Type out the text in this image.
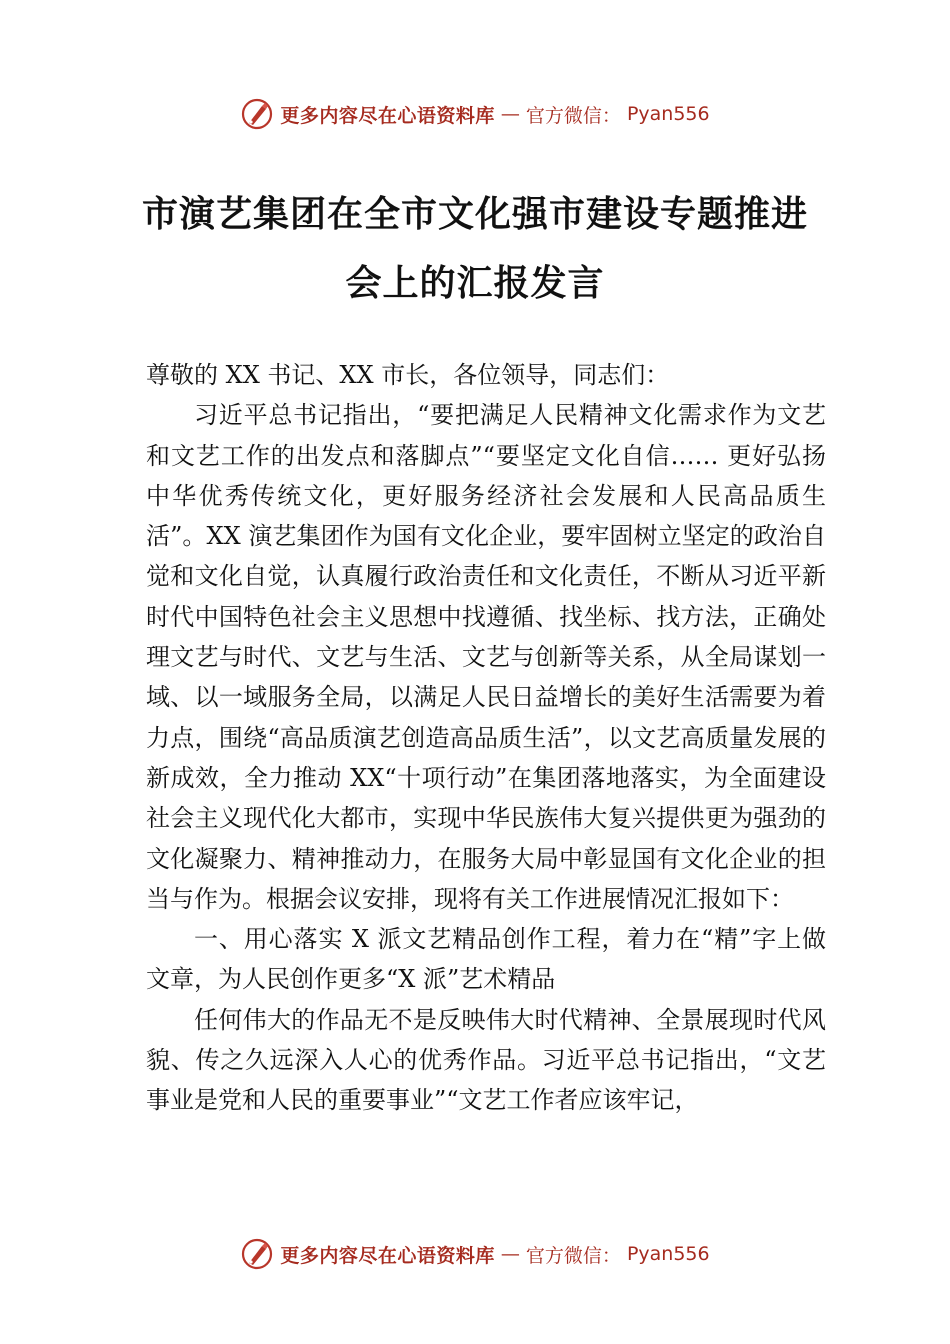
更多内容尽在心语资料库 — 官方微信： Pyan556
市演艺集团在全市文化强市建设专题推进
会上的汇报发言

尊敬的 XX 书记、XX 市长，各位领导，同志们：

习近平总书记指出，“要把满足人民精神文化需求作为文艺和文艺工作的出发点和落脚点”“要坚定文化自信…… 更好弘扬中华优秀传统文化，更好服务经济社会发展和人民高品质生活”。XX 演艺集团作为国有文化企业，要牢固树立坚定的政治自觉和文化自觉，认真履行政治责任和文化责任，不断从习近平新时代中国特色社会主义思想中找遵循、找坐标、找方法，正确处理文艺与时代、文艺与生活、文艺与创新等关系，从全局谋划一域、以一域服务全局，以满足人民日益增长的美好生活需要为着力点，围绕“高品质演艺创造高品质生活”，以文艺高质量发展的新成效，全力推动 XX“十项行动”在集团落地落实，为全面建设社会主义现代化大都市，实现中华民族伟大复兴提供更为强劲的文化凝聚力、精神推动力，在服务大局中彰显国有文化企业的担当与作为。根据会议安排，现将有关工作进展情况汇报如下：

一、用心落实 X 派文艺精品创作工程，着力在“精”字上做文章，为人民创作更多“X 派”艺术精品

任何伟大的作品无不是反映伟大时代精神、全景展现时代风貌、传之久远深入人心的优秀作品。习近平总书记指出，“文艺事业是党和人民的重要事业”“文艺工作者应该牢记，

更多内容尽在心语资料库 — 官方微信： Pyan556
